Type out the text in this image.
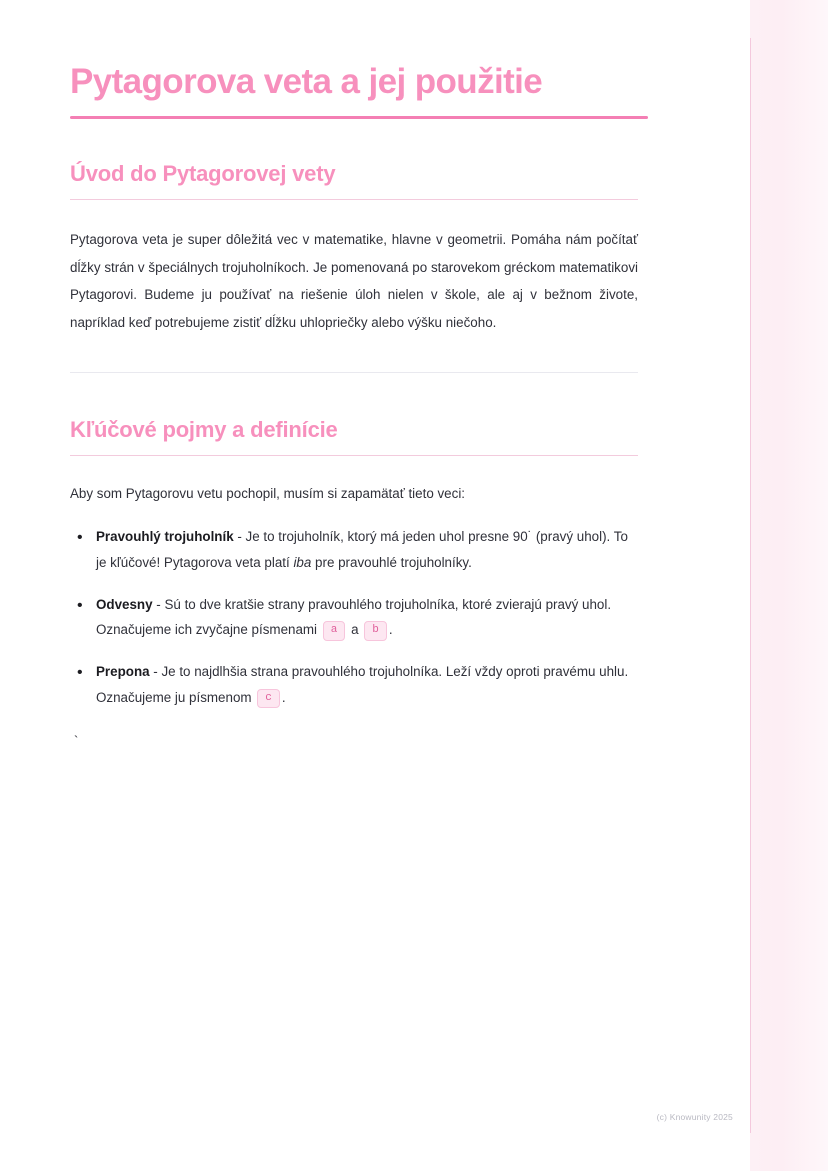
Pytagorova veta a jej použitie
Úvod do Pytagorovej vety

Pytagorova veta je super dôležitá vec v matematike, hlavne v geometrii. Pomáha nám počítať dĺžky strán v špeciálnych trojuholníkoch. Je pomenovaná po starovekom gréckom matematikovi Pytagorovi. Budeme ju používať na riešenie úloh nielen v škole, ale aj v bežnom živote, napríklad keď potrebujeme zistiť dĺžku uhlopriečky alebo výšku niečoho.

Kľúčové pojmy a definície

Aby som Pytagorovu vetu pochopil, musím si zapamätať tieto veci:

• Pravouhlý trojuholník - Je to trojuholník, ktorý má jeden uhol presne 90˙ (pravý uhol). To je kľúčové! Pytagorova veta platí iba pre pravouhlé trojuholníky.
• Odvesny - Sú to dve kratšie strany pravouhlého trojuholníka, ktoré zvierajú pravý uhol. Označujeme ich zvyčajne písmenami a a b .
• Prepona - Je to najdlhšia strana pravouhlého trojuholníka. Leží vždy oproti pravému uhlu. Označujeme ju písmenom c .
`
(c) Knowunity 2025
